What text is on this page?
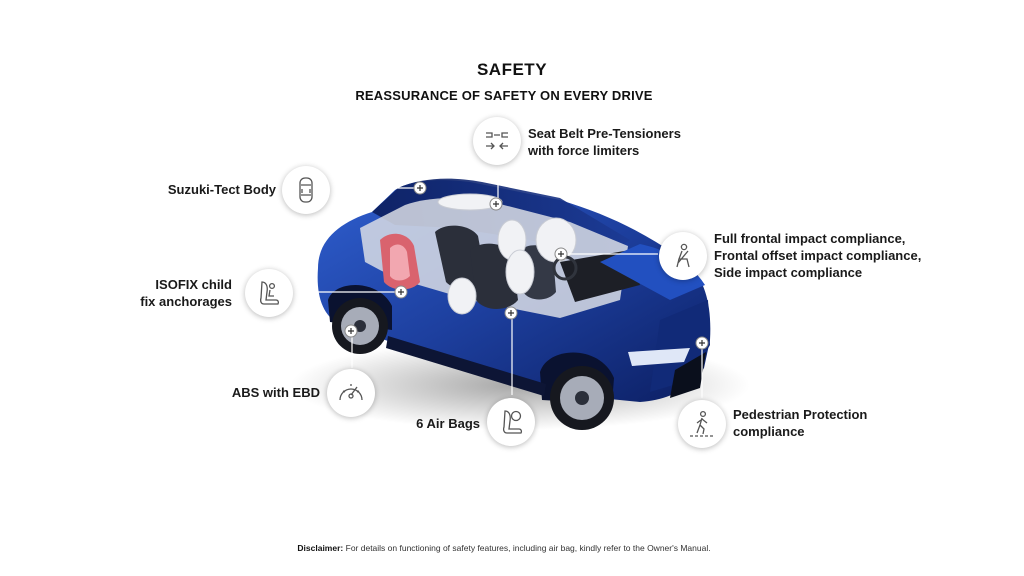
SAFETY
REASSURANCE OF SAFETY ON EVERY DRIVE
Seat Belt Pre-Tensioners
with force limiters
Suzuki-Tect Body
Full frontal impact compliance,
Frontal offset impact compliance,
Side impact compliance
ISOFIX child
fix anchorages
ABS with EBD
6 Air Bags
Pedestrian Protection
compliance
Disclaimer: For details on functioning of safety features, including air bag, kindly refer to the Owner's Manual.
